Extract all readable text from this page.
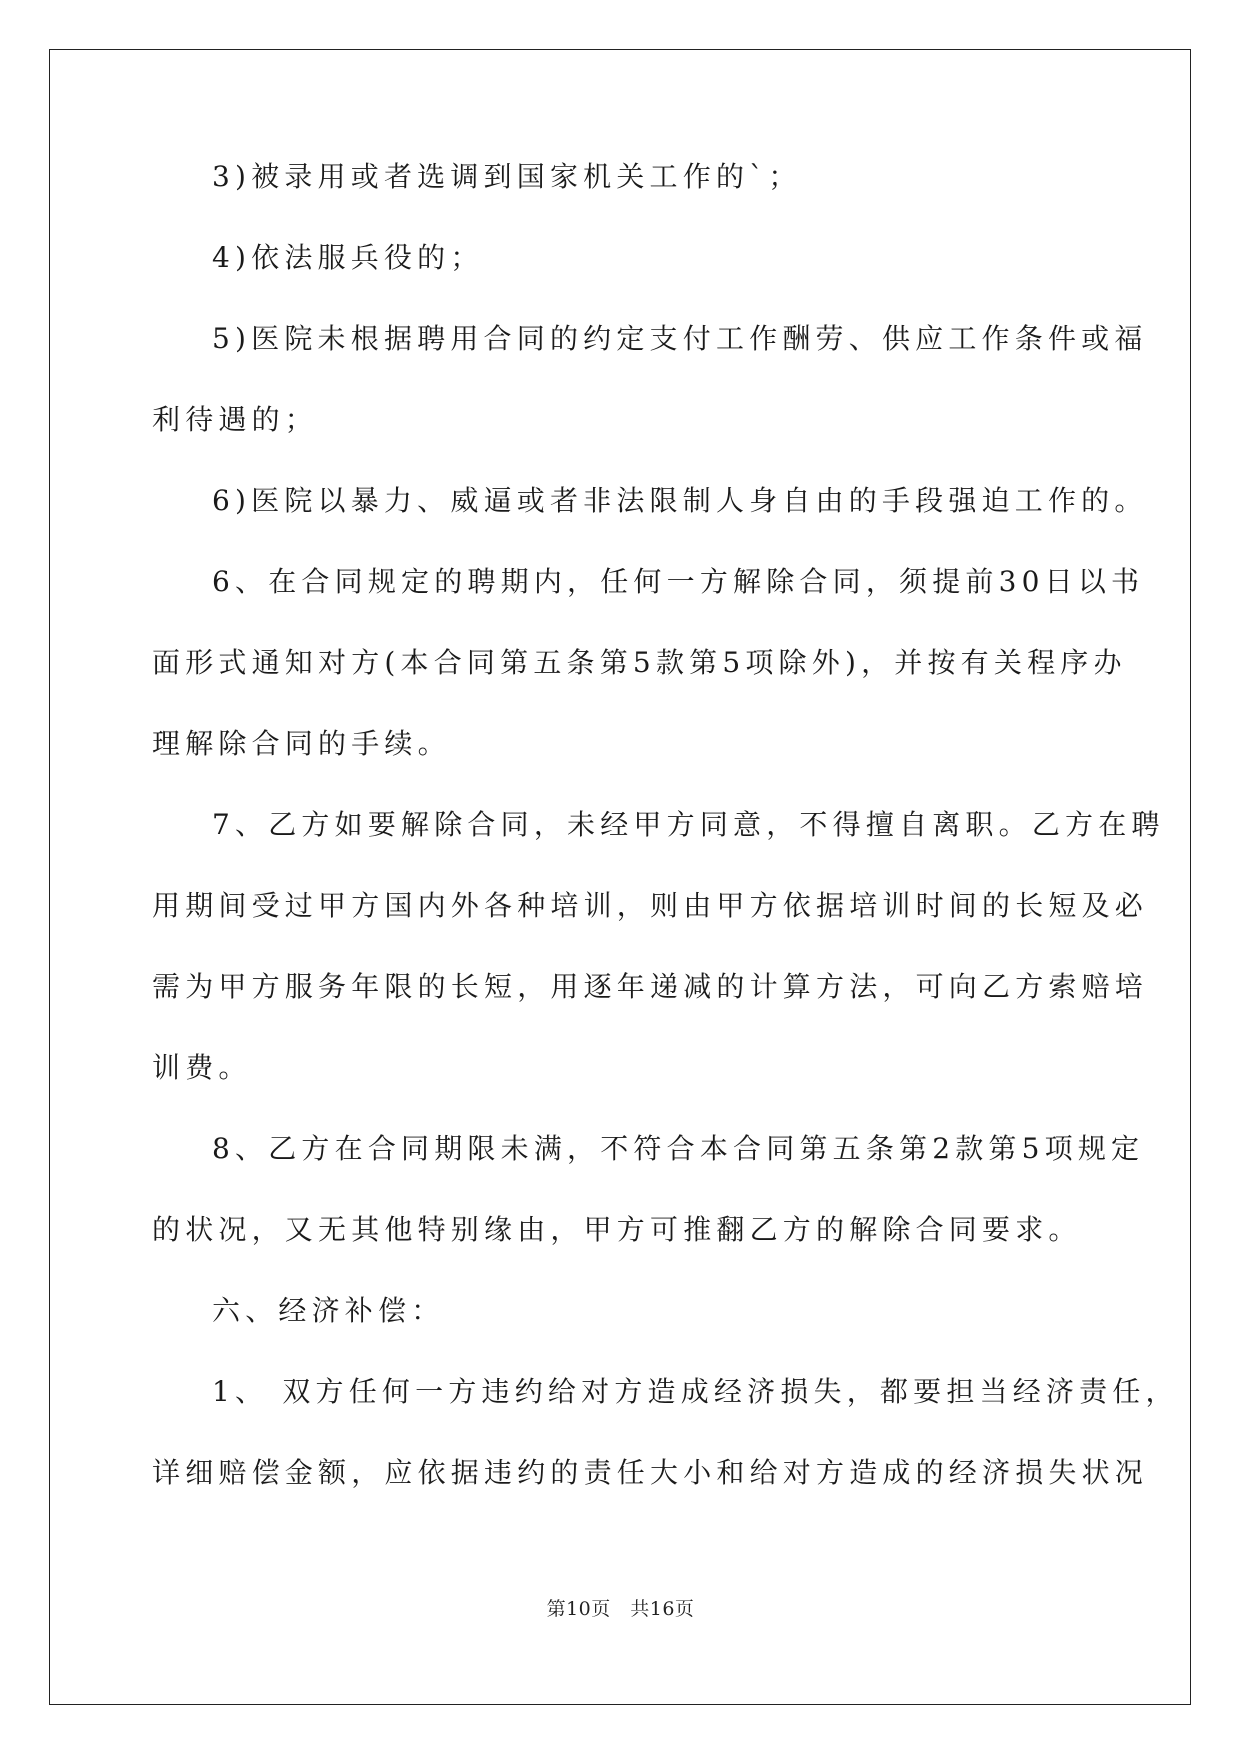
3)被录用或者选调到国家机关工作的`；
4)依法服兵役的；
5)医院未根据聘用合同的约定支付工作酬劳、供应工作条件或福
利待遇的；
6)医院以暴力、威逼或者非法限制人身自由的手段强迫工作的。
6、在合同规定的聘期内，任何一方解除合同，须提前30日以书
面形式通知对方(本合同第五条第5款第5项除外)，并按有关程序办
理解除合同的手续。
7、乙方如要解除合同，未经甲方同意，不得擅自离职。乙方在聘
用期间受过甲方国内外各种培训，则由甲方依据培训时间的长短及必
需为甲方服务年限的长短，用逐年递减的计算方法，可向乙方索赔培
训费。
8、乙方在合同期限未满，不符合本合同第五条第2款第5项规定
的状况，又无其他特别缘由，甲方可推翻乙方的解除合同要求。
六、经济补偿：
1、 双方任何一方违约给对方造成经济损失，都要担当经济责任，
详细赔偿金额，应依据违约的责任大小和给对方造成的经济损失状况
第10页　共16页
